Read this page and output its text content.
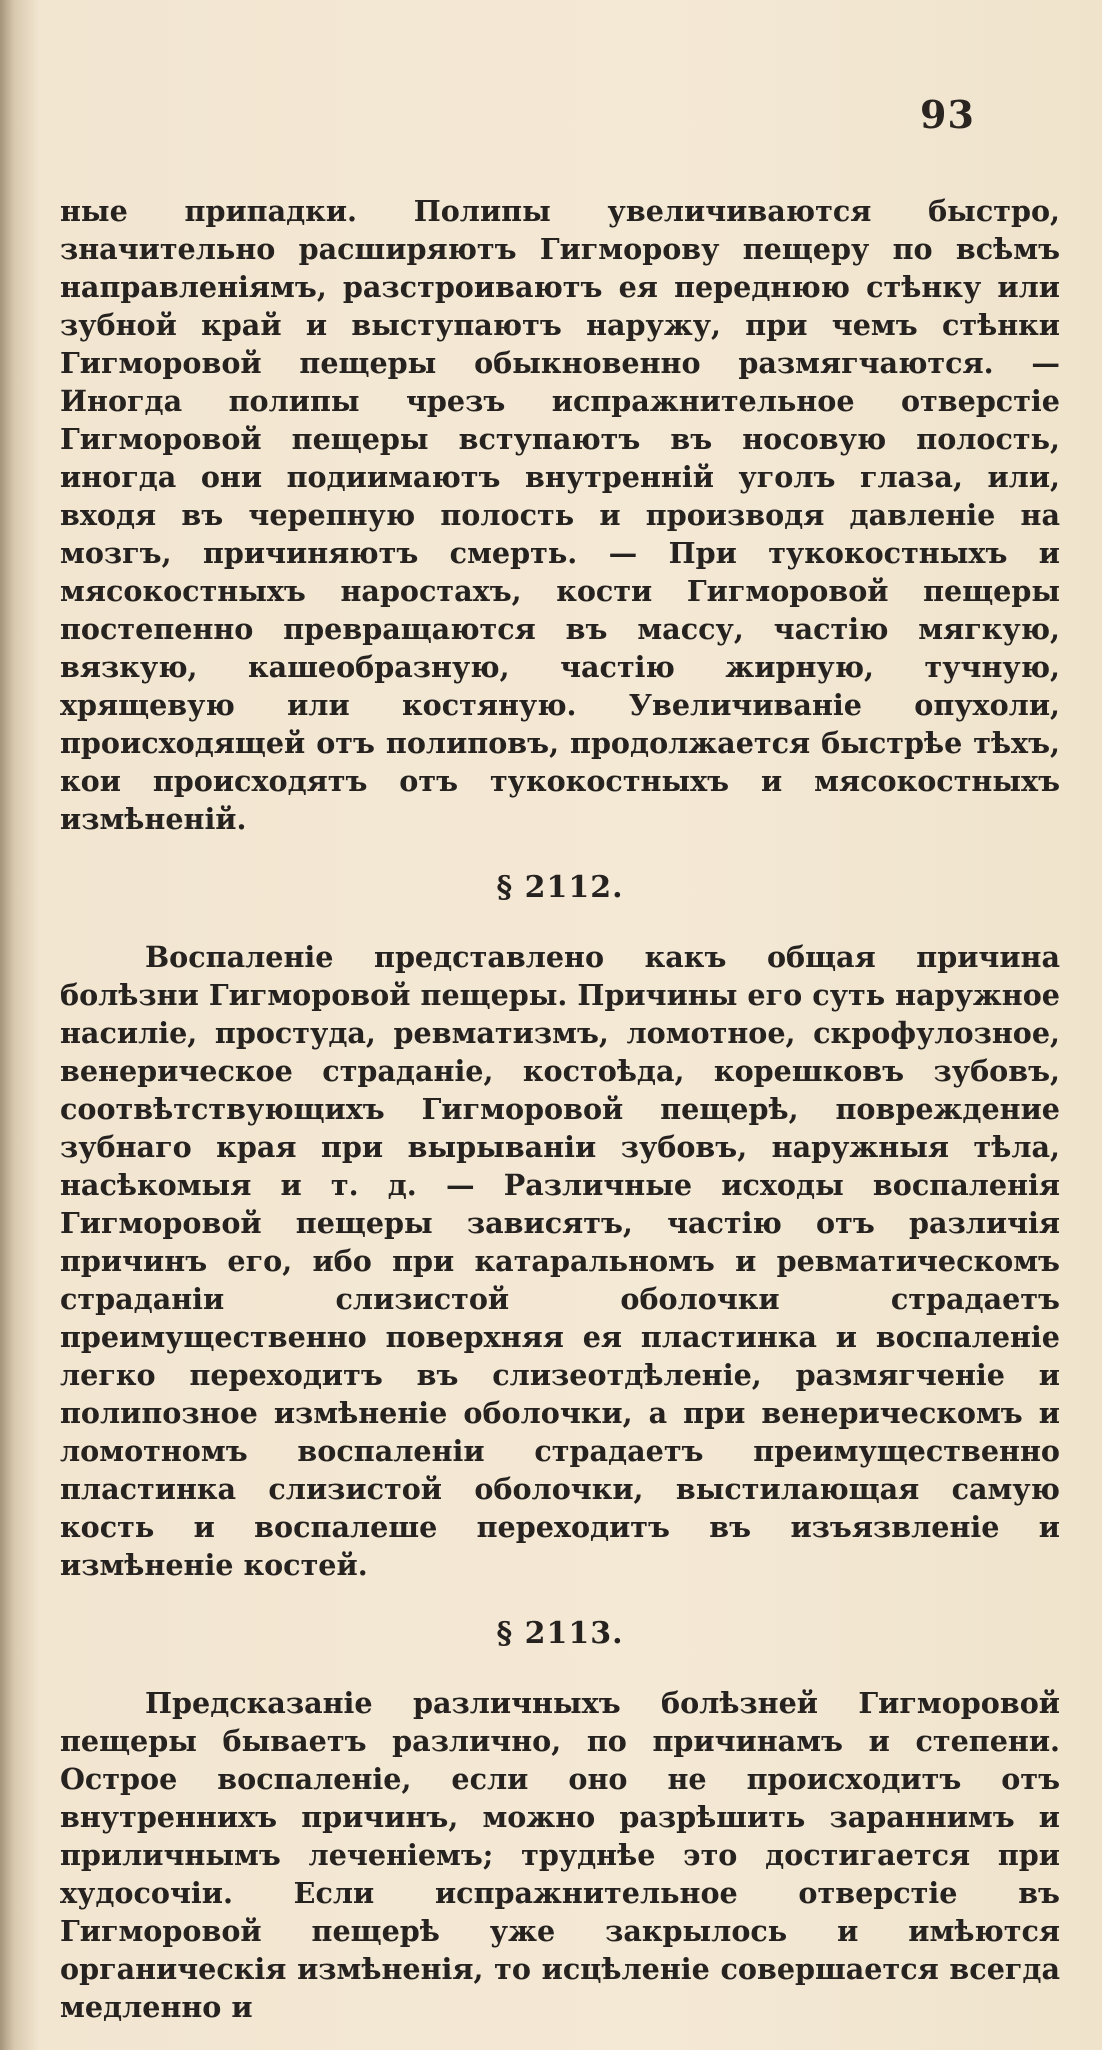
93

ные припадки. Полипы увеличиваются быстро, значительно расширяютъ Гигморову пещеру по всѣмъ направленіямъ, разстроиваютъ ея переднюю стѣнку или зубной край и выступаютъ наружу, при чемъ стѣнки Гигморовой пещеры обыкновенно размягчаются. — Иногда полипы чрезъ испражнительное отверстіе Гигморовой пещеры вступаютъ въ носовую полость, иногда они подиимаютъ внутренній уголъ глаза, или, входя въ черепную полость и производя давленіе на мозгъ, причиняютъ смерть. — При тукокостныхъ и мясокостныхъ наростахъ, кости Гигморовой пещеры постепенно превращаются въ массу, частію мягкую, вязкую, кашеобразную, частію жирную, тучную, хрящевую или костяную. Увеличиваніе опухоли, происходящей отъ полиповъ, продолжается быстрѣе тѣхъ, кои происходятъ отъ тукокостныхъ и мясокостныхъ измѣненій.

§ 2112.

Воспаленіе представлено какъ общая причина болѣзни Гигморовой пещеры. Причины его суть наружное насиліе, простуда, ревматизмъ, ломотное, скрофулозное, венерическое страданіе, костоѣда, корешковъ зубовъ, соотвѣтствующихъ Гигморовой пещерѣ, повреждение зубнаго края при вырываніи зубовъ, наружныя тѣла, насѣкомыя и т. д. — Различные исходы воспаленія Гигморовой пещеры зависятъ, частію отъ различія причинъ его, ибо при катаральномъ и ревматическомъ страданіи слизистой оболочки страдаетъ преимущественно поверхняя ея пластинка и воспаленіе легко переходитъ въ слизеотдѣленіе, размягченіе и полипозное измѣненіе оболочки, а при венерическомъ и ломотномъ воспаленіи страдаетъ преимущественно пластинка слизистой оболочки, выстилающая самую кость и воспалеше переходитъ въ изъязвленіе и измѣненіе костей.

§ 2113.

Предсказаніе различныхъ болѣзней Гигморовой пещеры бываетъ различно, по причинамъ и степени. Острое воспаленіе, если оно не происходитъ отъ внутреннихъ причинъ, можно разрѣшить зараннимъ и приличнымъ леченіемъ; труднѣе это достигается при худосочіи. Если испражнительное отверстіе въ Гигморовой пещерѣ уже закрылось и имѣются органическія измѣненія, то исцѣленіе совершается всегда медленно и
